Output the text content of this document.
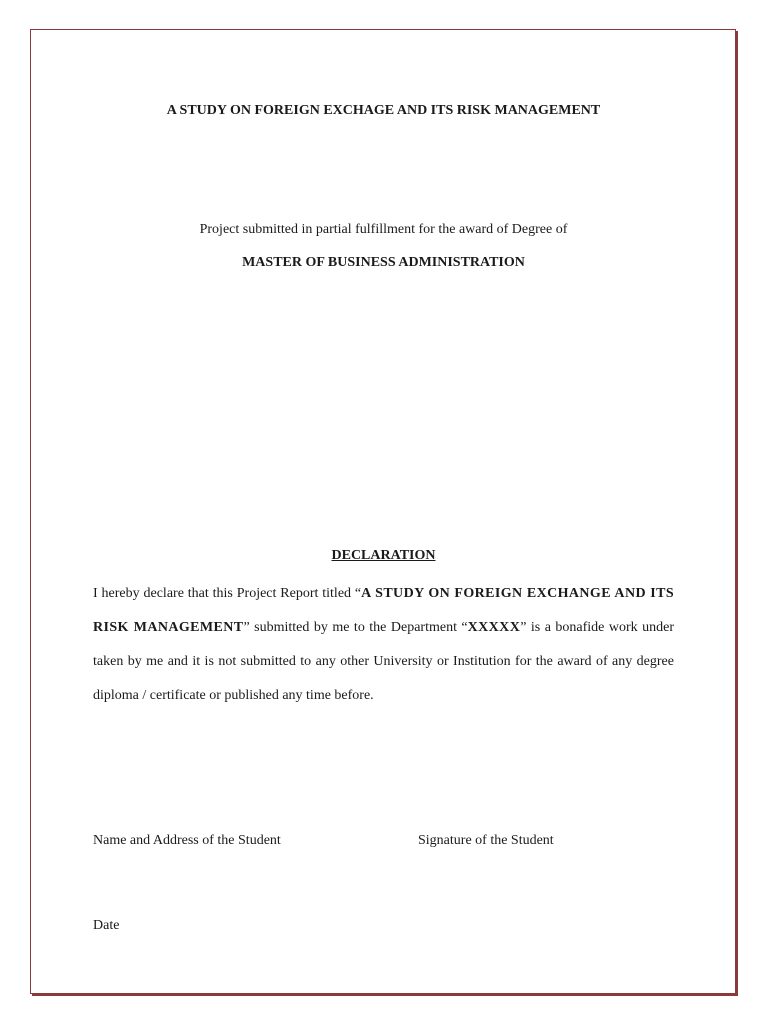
A STUDY ON FOREIGN EXCHAGE AND ITS RISK MANAGEMENT
Project submitted in partial fulfillment for the award of Degree of
MASTER OF BUSINESS ADMINISTRATION
DECLARATION
I hereby declare that this Project Report titled “A STUDY ON FOREIGN EXCHANGE AND ITS RISK MANAGEMENT” submitted by me to the Department “XXXXX” is a bonafide work under taken by me and it is not submitted to any other University or Institution for the award of any degree diploma / certificate or published any time before.
Name and Address of the Student	Signature of the Student
Date
